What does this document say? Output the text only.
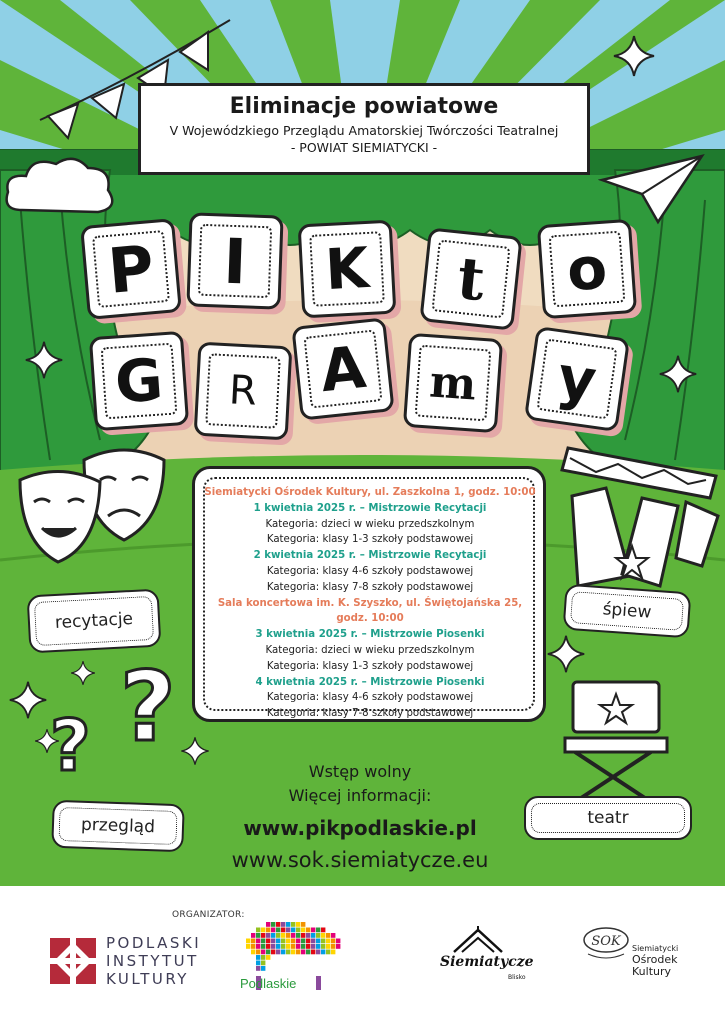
?
?
Eliminacje powiatowe
V Wojewódzkiego Przeglądu Amatorskiej Twórczości Teatralnej
- POWIAT SIEMIATYCKI -
P	I	K	t	o
G	R	A	m y
Siemiatycki Ośrodek Kultury, ul. Zaszkolna 1, godz. 10:00
1 kwietnia 2025 r. – Mistrzowie Recytacji
Kategoria: dzieci w wieku przedszkolnym
Kategoria: klasy 1-3 szkoły podstawowej
2 kwietnia 2025 r. – Mistrzowie Recytacji
Kategoria: klasy 4-6 szkoły podstawowej
Kategoria: klasy 7-8 szkoły podstawowej
Sala koncertowa im. K. Szyszko, ul. Świętojańska 25,
godz. 10:00
3 kwietnia 2025 r. – Mistrzowie Piosenki
Kategoria: dzieci w wieku przedszkolnym
Kategoria: klasy 1-3 szkoły podstawowej
4 kwietnia 2025 r. – Mistrzowie Piosenki
Kategoria: klasy 4-6 szkoły podstawowej
Kategoria: klasy 7-8 szkoły podstawowej
recytacje	śpiew
przegląd	teatr
Wstęp wolny
Więcej informacji:
www.pikpodlaskie.pl
www.sok.siemiatycze.eu
ORGANIZATOR:
PODLASKI
INSTYTUT
KULTURY	Podlaskie
Siemiatycze
Blisko
SOK Siemiatycki
Ośrodek
Kultury
